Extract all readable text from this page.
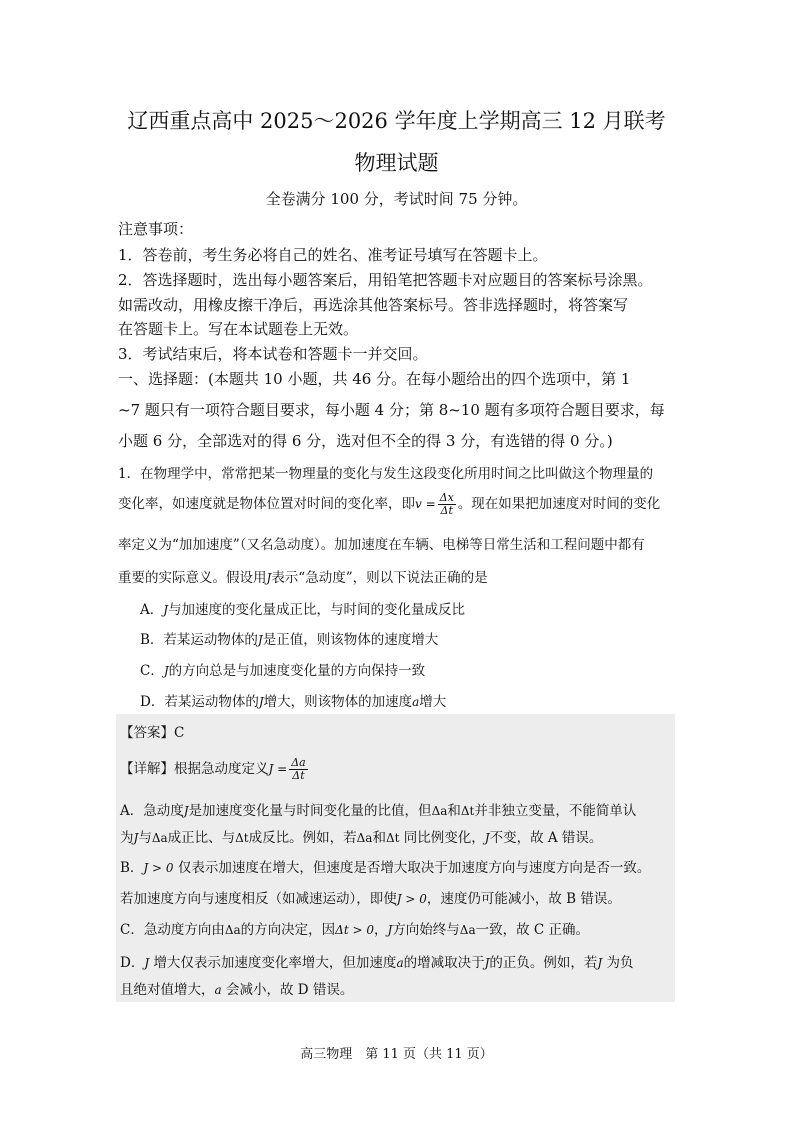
辽西重点高中 2025～2026 学年度上学期高三 12 月联考
物理试题
全卷满分 100 分，考试时间 75 分钟。
注意事项：
1．答卷前，考生务必将自己的姓名、准考证号填写在答题卡上。
2．答选择题时，选出每小题答案后，用铅笔把答题卡对应题目的答案标号涂黑。
如需改动，用橡皮擦干净后，再选涂其他答案标号。答非选择题时，将答案写
在答题卡上。写在本试题卷上无效。
3．考试结束后，将本试卷和答题卡一并交回。
一、选择题：(本题共 10 小题，共 46 分。在每小题给出的四个选项中，第 1
~7 题只有一项符合题目要求，每小题 4 分；第 8~10 题有多项符合题目要求，每
小题 6 分，全部选对的得 6 分，选对但不全的得 3 分，有选错的得 0 分。)
1．在物理学中，常常把某一物理量的变化与发生这段变化所用时间之比叫做这个物理量的
变化率，如速度就是物体位置对时间的变化率，即$v = \frac{\Delta x}{\Delta t}$ 。现在如果把加速度对时间的变化
率定义为“加加速度”（又名急动度）。加加速度在车辆、电梯等日常生活和工程问题中都有
重要的实际意义。假设用J表示“急动度”，则以下说法正确的是
A．J与加速度的变化量成正比，与时间的变化量成反比
B．若某运动物体的J是正值，则该物体的速度增大
C．J的方向总是与加速度变化量的方向保持一致
D．若某运动物体的J增大，则该物体的加速度a增大
【答案】C
【详解】根据急动度定义$J = \frac{\Delta a}{\Delta t}$
A．急动度J是加速度变化量与时间变化量的比值，但Δa和Δt并非独立变量，不能简单认
为J与Δa成正比、与Δt成反比。例如，若Δa和Δt 同比例变化，J不变，故 A 错误。
B．J > 0 仅表示加速度在增大，但速度是否增大取决于加速度方向与速度方向是否一致。
若加速度方向与速度相反（如减速运动），即使J > 0，速度仍可能减小，故 B 错误。
C．急动度方向由Δa的方向决定，因Δt > 0，J方向始终与Δa一致，故 C 正确。
D．J 增大仅表示加速度变化率增大，但加速度a的增减取决于J的正负。例如，若J 为负
且绝对值增大，a 会减小，故 D 错误。
高三物理　第 11 页（共 11 页）
